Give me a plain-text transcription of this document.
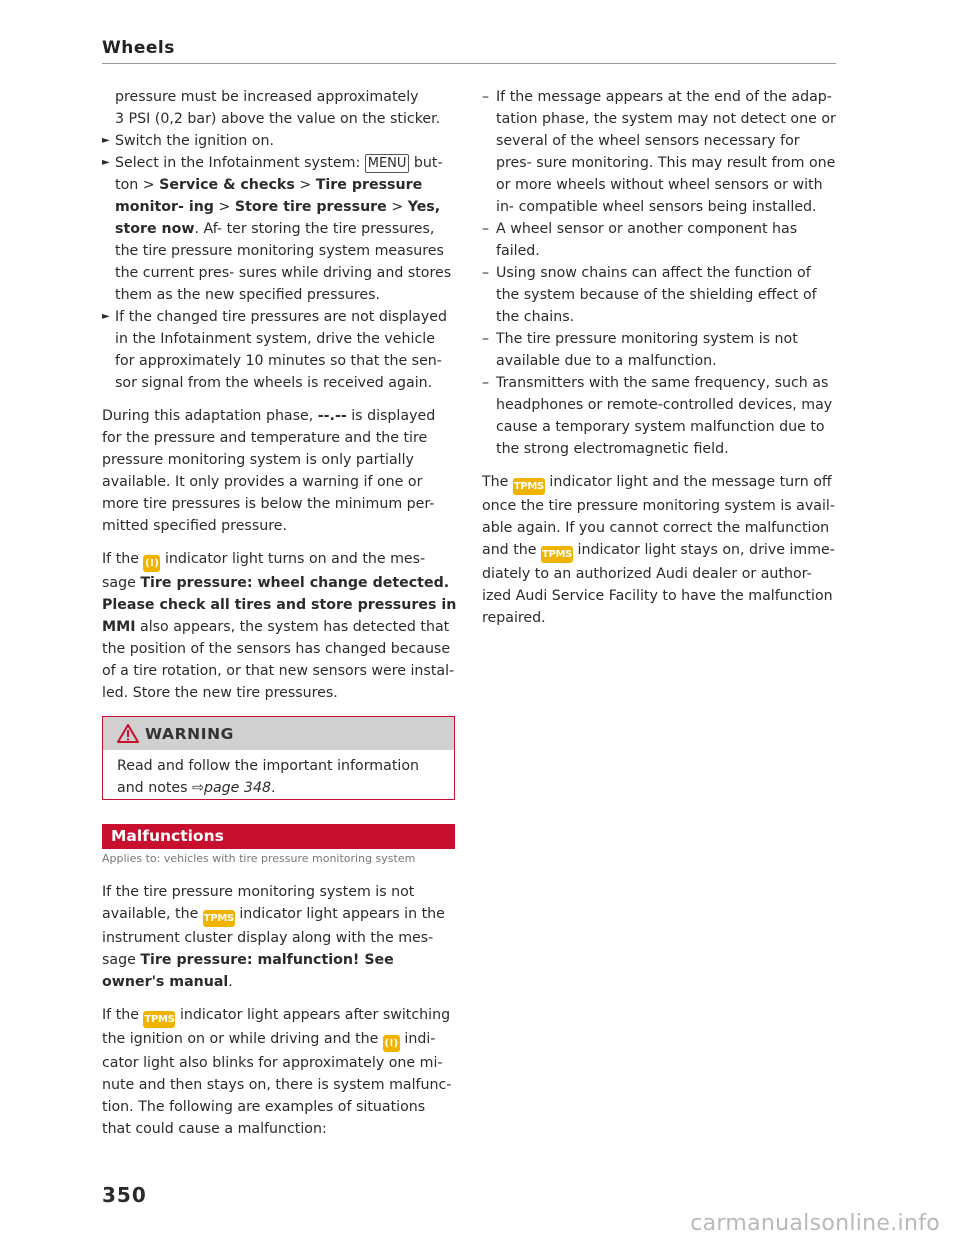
Wheels

pressure must be increased approximately

3 PSI (0,2 bar) above the value on the sticker.

► Switch the ignition on.

► Select in the Infotainment system: MENU but- ton > Service & checks > Tire pressure monitor- ing > Store tire pressure > Yes, store now. Af- ter storing the tire pressures, the tire pressure monitoring system measures the current pres- sures while driving and stores them as the new specified pressures.

► If the changed tire pressures are not displayed in the Infotainment system, drive the vehicle for approximately 10 minutes so that the sen- sor signal from the wheels is received again.

During this adaptation phase, --.-- is displayed for the pressure and temperature and the tire pressure monitoring system is only partially available. It only provides a warning if one or more tire pressures is below the minimum per- mitted specified pressure.

If the (!) indicator light turns on and the mes- sage Tire pressure: wheel change detected. Please check all tires and store pressures in MMI also appears, the system has detected that the position of the sensors has changed because of a tire rotation, or that new sensors were instal- led. Store the new tire pressures.

WARNING
Read and follow the important information and notes ⇨page 348.
Malfunctions
Applies to: vehicles with tire pressure monitoring system

If the tire pressure monitoring system is not available, the TPMS indicator light appears in the instrument cluster display along with the mes- sage Tire pressure: malfunction! See owner's manual.

If the TPMS indicator light appears after switching the ignition on or while driving and the (!) indi- cator light also blinks for approximately one mi- nute and then stays on, there is system malfunc- tion. The following are examples of situations that could cause a malfunction:

– If the message appears at the end of the adap- tation phase, the system may not detect one or several of the wheel sensors necessary for pres- sure monitoring. This may result from one or more wheels without wheel sensors or with in- compatible wheel sensors being installed.

– A wheel sensor or another component has failed.

– Using snow chains can affect the function of the system because of the shielding effect of the chains.

– The tire pressure monitoring system is not available due to a malfunction.

– Transmitters with the same frequency, such as headphones or remote-controlled devices, may cause a temporary system malfunction due to the strong electromagnetic field.

The TPMS indicator light and the message turn off once the tire pressure monitoring system is avail- able again. If you cannot correct the malfunction and the TPMS indicator light stays on, drive imme- diately to an authorized Audi dealer or author- ized Audi Service Facility to have the malfunction repaired.

350
carmanualsonline.info
